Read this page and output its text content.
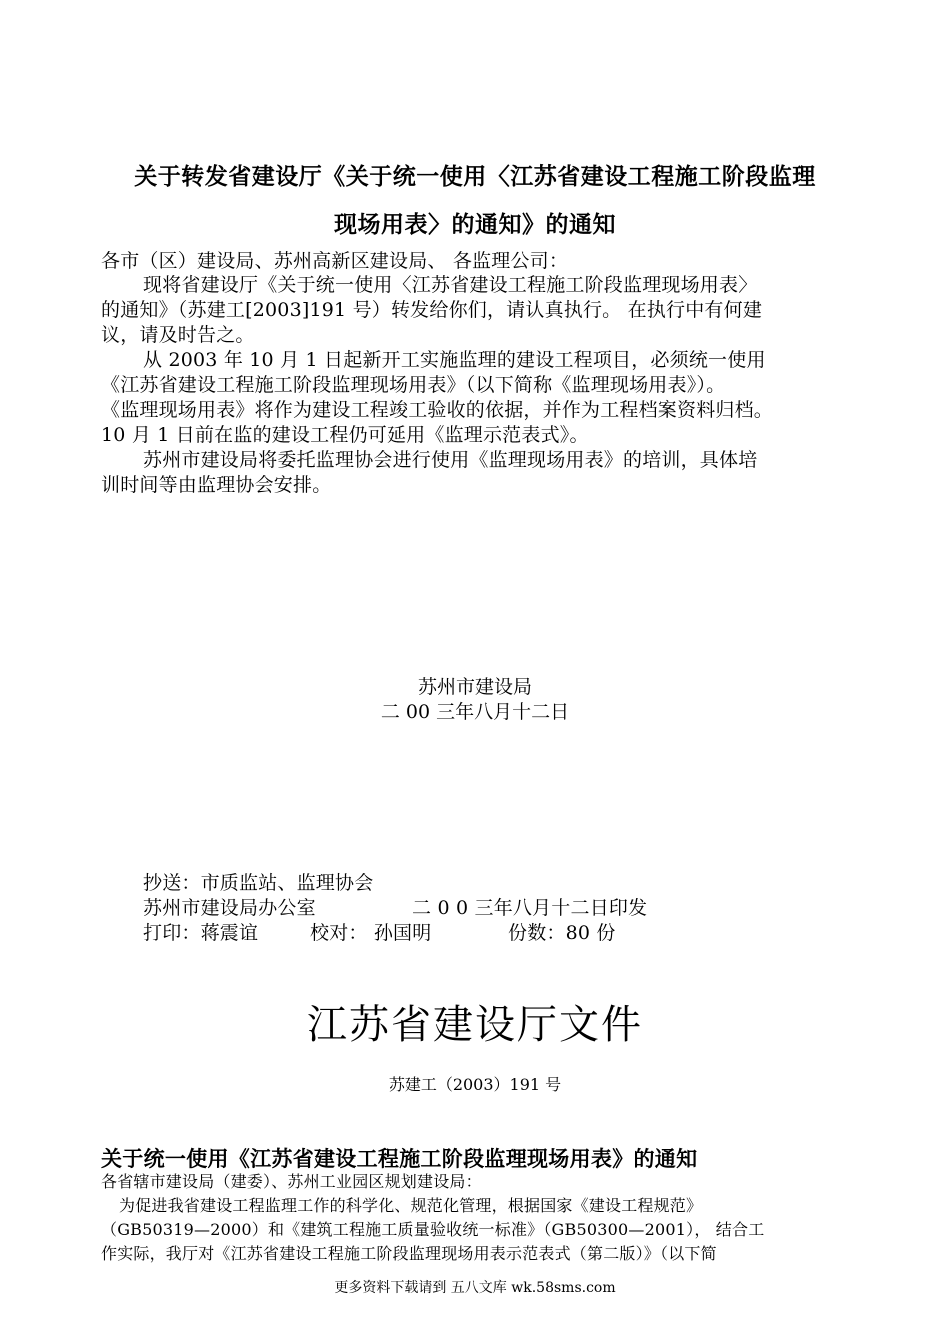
关于转发省建设厅《关于统一使用〈江苏省建设工程施工阶段监理
现场用表〉的通知》的通知
各市（区）建设局、苏州高新区建设局、 各监理公司：
现将省建设厅《关于统一使用〈江苏省建设工程施工阶段监理现场用表〉
的通知》（苏建工[2003]191 号）转发给你们，请认真执行。 在执行中有何建
议，请及时告之。
从 2003 年 10 月 1 日起新开工实施监理的建设工程项目，必须统一使用
《江苏省建设工程施工阶段监理现场用表》（以下简称《监理现场用表》）。
《监理现场用表》将作为建设工程竣工验收的依据，并作为工程档案资料归档。
10 月 1 日前在监的建设工程仍可延用《监理示范表式》。
苏州市建设局将委托监理协会进行使用《监理现场用表》的培训，具体培
训时间等由监理协会安排。
苏州市建设局
二 00 三年八月十二日
抄送：市质监站、监理协会
苏州市建设局办公室	二 0 0 三年八月十二日印发
打印：蒋震谊	校对： 孙国明	份数：80 份
江苏省建设厅文件
苏建工（2003）191 号
关于统一使用《江苏省建设工程施工阶段监理现场用表》的通知
各省辖市建设局（建委）、苏州工业园区规划建设局：
为促进我省建设工程监理工作的科学化、规范化管理，根据国家《建设工程规范》
（GB50319—2000）和《建筑工程施工质量验收统一标准》（GB50300—2001）， 结合工
作实际，我厅对《江苏省建设工程施工阶段监理现场用表示范表式（第二版）》（以下简
更多资料下载请到 五八文库 wk.58sms.com
